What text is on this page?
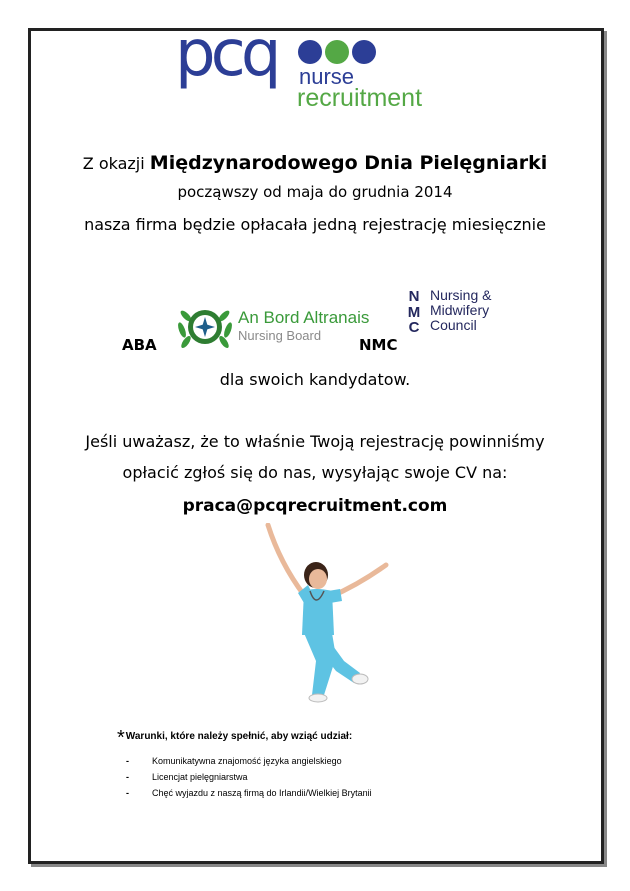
pcq nurse
recruitment
Z okazji Międzynarodowego Dnia Pielęgniarki
począwszy od maja do grudnia 2014
nasza firma będzie opłacała jedną rejestrację miesięcznie
ABA
An Bord Altranais
Nursing Board
NMC
N
M
C
Nursing &
Midwifery
Council
dla swoich kandydatow.
Jeśli uważasz, że to właśnie Twoją rejestrację powinniśmy
opłacić zgłoś się do nas, wysyłając swoje CV na:
praca@pcqrecruitment.com
*Warunki, które należy spełnić, aby wziąć udział:
-	Komunikatywna znajomość języka angielskiego
-	Licencjat pielęgniarstwa
-	Chęć wyjazdu z naszą firmą do Irlandii/Wielkiej Brytanii
